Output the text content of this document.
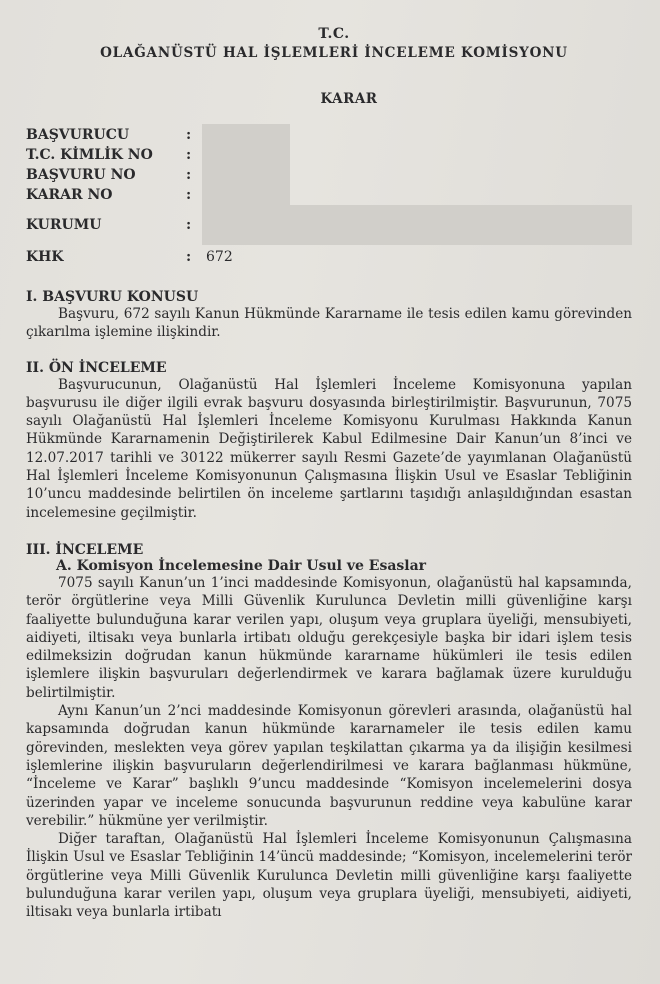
T.C.
OLAĞANÜSTÜ HAL İŞLEMLERİ İNCELEME KOMİSYONU
KARAR
BAŞVURUCU	:
T.C. KİMLİK NO	:
BAŞVURU NO	:
KARAR NO	:
KURUMU	:
KHK	:	672
I. BAŞVURU KONUSU

Başvuru, 672 sayılı Kanun Hükmünde Kararname ile tesis edilen kamu görevinden çıkarılma işlemine ilişkindir.

II. ÖN İNCELEME

Başvurucunun, Olağanüstü Hal İşlemleri İnceleme Komisyonuna yapılan başvurusu ile diğer ilgili evrak başvuru dosyasında birleştirilmiştir. Başvurunun, 7075 sayılı Olağanüstü Hal İşlemleri İnceleme Komisyonu Kurulması Hakkında Kanun Hükmünde Kararnamenin Değiştirilerek Kabul Edilmesine Dair Kanun’un 8’inci ve 12.07.2017 tarihli ve 30122 mükerrer sayılı Resmi Gazete’de yayımlanan Olağanüstü Hal İşlemleri İnceleme Komisyonunun Çalışmasına İlişkin Usul ve Esaslar Tebliğinin 10’uncu maddesinde belirtilen ön inceleme şartlarını taşıdığı anlaşıldığından esastan incelemesine geçilmiştir.

III. İNCELEME
A. Komisyon İncelemesine Dair Usul ve Esaslar

7075 sayılı Kanun’un 1’inci maddesinde Komisyonun, olağanüstü hal kapsamında, terör örgütlerine veya Milli Güvenlik Kurulunca Devletin milli güvenliğine karşı faaliyette bulunduğuna karar verilen yapı, oluşum veya gruplara üyeliği, mensubiyeti, aidiyeti, iltisakı veya bunlarla irtibatı olduğu gerekçesiyle başka bir idari işlem tesis edilmeksizin doğrudan kanun hükmünde kararname hükümleri ile tesis edilen işlemlere ilişkin başvuruları değerlendirmek ve karara bağlamak üzere kurulduğu belirtilmiştir.

Aynı Kanun’un 2’nci maddesinde Komisyonun görevleri arasında, olağanüstü hal kapsamında doğrudan kanun hükmünde kararnameler ile tesis edilen kamu görevinden, meslekten veya görev yapılan teşkilattan çıkarma ya da ilişiğin kesilmesi işlemlerine ilişkin başvuruların değerlendirilmesi ve karara bağlanması hükmüne, “İnceleme ve Karar” başlıklı 9’uncu maddesinde “Komisyon incelemelerini dosya üzerinden yapar ve inceleme sonucunda başvurunun reddine veya kabulüne karar verebilir.” hükmüne yer verilmiştir.

Diğer taraftan, Olağanüstü Hal İşlemleri İnceleme Komisyonunun Çalışmasına İlişkin Usul ve Esaslar Tebliğinin 14’üncü maddesinde; “Komisyon, incelemelerini terör örgütlerine veya Milli Güvenlik Kurulunca Devletin milli güvenliğine karşı faaliyette bulunduğuna karar verilen yapı, oluşum veya gruplara üyeliği, mensubiyeti, aidiyeti, iltisakı veya bunlarla irtibatı
